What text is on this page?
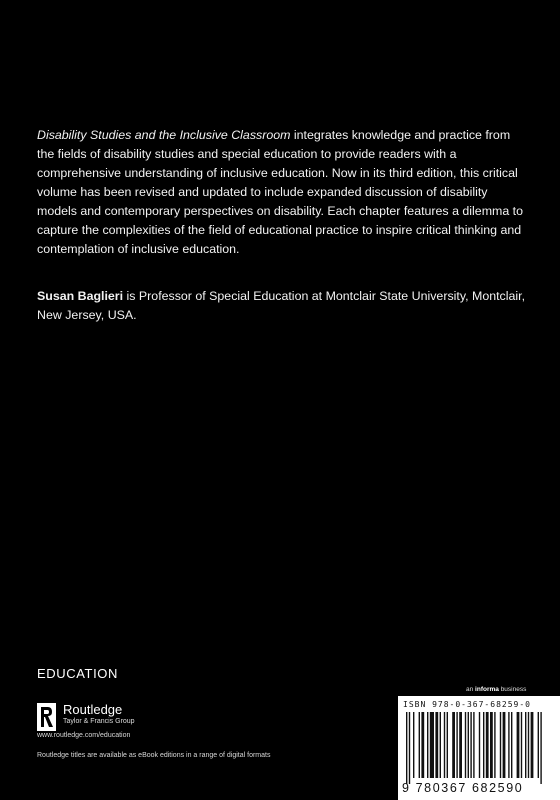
Disability Studies and the Inclusive Classroom integrates knowledge and practice from the fields of disability studies and special education to provide readers with a comprehensive understanding of inclusive education. Now in its third edition, this critical volume has been revised and updated to include expanded discussion of disability models and contemporary perspectives on disability. Each chapter features a dilemma to capture the complexities of the field of educational practice to inspire critical thinking and contemplation of inclusive education.

Susan Baglieri is Professor of Special Education at Montclair State University, Montclair, New Jersey, USA.

EDUCATION
Routledge
Taylor & Francis Group
www.routledge.com/education
Routledge titles are available as eBook editions in a range of digital formats
an informa business
ISBN 978-0-367-68259-0
9 780367 682590
